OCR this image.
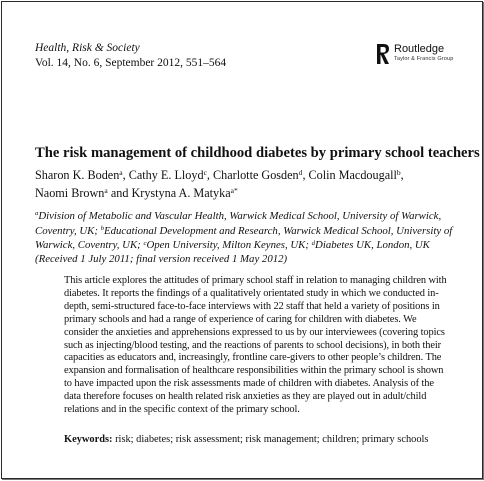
Health, Risk & Society
Vol. 14, No. 6, September 2012, 551–564
Routledge
Taylor & Francis Group
The risk management of childhood diabetes by primary school teachers
Sharon K. Boden$^a$, Cathy E. Lloyd$^c$, Charlotte Gosden$^d$, Colin Macdougall$^b$,
Naomi Brown$^a$ and Krystyna A. Matyka$^{a*}$
$^a$Division of Metabolic and Vascular Health, Warwick Medical School, University of Warwick, Coventry, UK; $^b$Educational Development and Research, Warwick Medical School, University of Warwick, Coventry, UK; $^c$Open University, Milton Keynes, UK; $^d$Diabetes UK, London, UK
(Received 1 July 2011; final version received 1 May 2012)
This article explores the attitudes of primary school staff in relation to managing children with diabetes. It reports the findings of a qualitatively orientated study in which we conducted in-depth, semi-structured face-to-face interviews with 22 staff that held a variety of positions in primary schools and had a range of experience of caring for children with diabetes. We consider the anxieties and apprehensions expressed to us by our interviewees (covering topics such as injecting/blood testing, and the reactions of parents to school decisions), in both their capacities as educators and, increasingly, frontline care-givers to other people’s children. The expansion and formalisation of healthcare responsibilities within the primary school is shown to have impacted upon the risk assessments made of children with diabetes. Analysis of the data therefore focuses on health related risk anxieties as they are played out in adult/child relations and in the specific context of the primary school.
Keywords: risk; diabetes; risk assessment; risk management; children; primary schools
